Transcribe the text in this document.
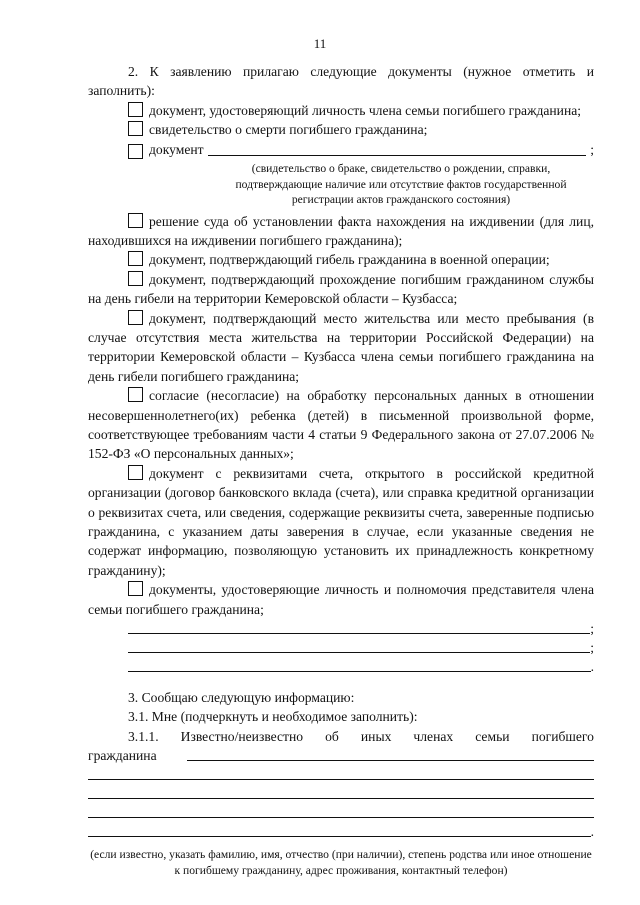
11

2. К заявлению прилагаю следующие документы (нужное отметить и заполнить):

документ, удостоверяющий личность члена семьи погибшего гражданина;

свидетельство о смерти погибшего гражданина;

документ	;

(свидетельство о браке, свидетельство о рождении, справки, подтверждающие наличие или отсутствие фактов государственной регистрации актов гражданского состояния)

решение суда об установлении факта нахождения на иждивении (для лиц, находившихся на иждивении погибшего гражданина);

документ, подтверждающий гибель гражданина в военной операции;

документ, подтверждающий прохождение погибшим гражданином службы на день гибели на территории Кемеровской области – Кузбасса;

документ, подтверждающий место жительства или место пребывания (в случае отсутствия места жительства на территории Российской Федерации) на территории Кемеровской области – Кузбасса члена семьи погибшего гражданина на день гибели погибшего гражданина;

согласие (несогласие) на обработку персональных данных в отношении несовершеннолетнего(их) ребенка (детей) в письменной произвольной форме, соответствующее требованиям части 4 статьи 9 Федерального закона от 27.07.2006 № 152-ФЗ «О персональных данных»;

документ с реквизитами счета, открытого в российской кредитной организации (договор банковского вклада (счета), или справка кредитной организации о реквизитах счета, или сведения, содержащие реквизиты счета, заверенные подписью гражданина, с указанием даты заверения в случае, если указанные сведения не содержат информацию, позволяющую установить их принадлежность конкретному гражданину);

документы, удостоверяющие личность и полномочия представителя члена семьи погибшего гражданина;

;
;
.

3. Сообщаю следующую информацию:

3.1. Мне (подчеркнуть и необходимое заполнить):

3.1.1. Известно/неизвестно об иных членах семьи погибшего
гражданина
.

(если известно, указать фамилию, имя, отчество (при наличии), степень родства или иное отношение к погибшему гражданину, адрес проживания, контактный телефон)
